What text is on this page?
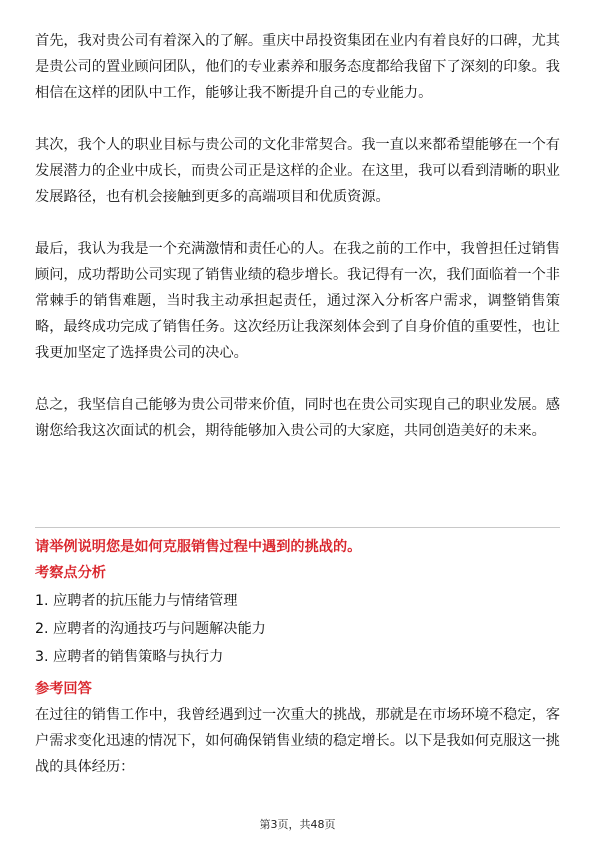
首先，我对贵公司有着深入的了解。重庆中昂投资集团在业内有着良好的口碑，尤其是贵公司的置业顾问团队，他们的专业素养和服务态度都给我留下了深刻的印象。我相信在这样的团队中工作，能够让我不断提升自己的专业能力。

其次，我个人的职业目标与贵公司的文化非常契合。我一直以来都希望能够在一个有发展潜力的企业中成长，而贵公司正是这样的企业。在这里，我可以看到清晰的职业发展路径，也有机会接触到更多的高端项目和优质资源。

最后，我认为我是一个充满激情和责任心的人。在我之前的工作中，我曾担任过销售顾问，成功帮助公司实现了销售业绩的稳步增长。我记得有一次，我们面临着一个非常棘手的销售难题，当时我主动承担起责任，通过深入分析客户需求，调整销售策略，最终成功完成了销售任务。这次经历让我深刻体会到了自身价值的重要性，也让我更加坚定了选择贵公司的决心。

总之，我坚信自己能够为贵公司带来价值，同时也在贵公司实现自己的职业发展。感谢您给我这次面试的机会，期待能够加入贵公司的大家庭，共同创造美好的未来。

请举例说明您是如何克服销售过程中遇到的挑战的。

考察点分析

1. 应聘者的抗压能力与情绪管理

2. 应聘者的沟通技巧与问题解决能力

3. 应聘者的销售策略与执行力

参考回答

在过往的销售工作中，我曾经遇到过一次重大的挑战，那就是在市场环境不稳定，客户需求变化迅速的情况下，如何确保销售业绩的稳定增长。以下是我如何克服这一挑战的具体经历：

第3页，共48页
